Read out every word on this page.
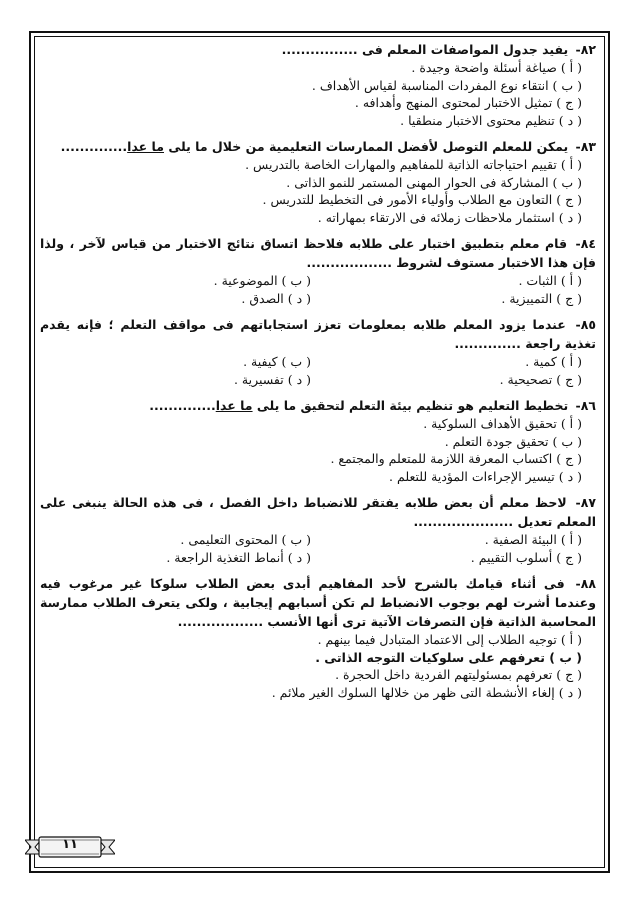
٨٢- يفيد جدول المواصفات المعلم فى ................
( أ ) صياغة أسئلة واضحة وجيدة .
( ب ) انتقاء نوع المفردات المناسبة لقياس الأهداف .
( ج ) تمثيل الاختبار لمحتوى المنهج وأهدافه .
( د ) تنظيم محتوى الاختبار منطقيا .
٨٣- يمكن للمعلم التوصل لأفضل الممارسات التعليمية من خلال ما يلى ما عدا..............
( أ ) تقييم احتياجاته الذاتية للمفاهيم والمهارات الخاصة بالتدريس .
( ب ) المشاركة فى الحوار المهنى المستمر للنمو الذاتى .
( ج ) التعاون مع الطلاب وأولياء الأمور فى التخطيط للتدريس .
( د ) استثمار ملاحظات زملائه فى الارتقاء بمهاراته .
٨٤- قام معلم بتطبيق اختبار على طلابه فلاحظ اتساق نتائج الاختبار من قياس لآخر ، ولذا فإن هذا الاختبار مستوف لشروط ..................
( أ ) الثبات .
( ب ) الموضوعية .
( ج ) التمييزية .
( د ) الصدق .
٨٥- عندما يزود المعلم طلابه بمعلومات تعزز استجاباتهم فى مواقف التعلم ؛ فإنه يقدم تغذية راجعة ..............
( أ ) كمية .
( ب ) كيفية .
( ج ) تصحيحية .
( د ) تفسيرية .
٨٦- تخطيط التعليم هو تنظيم بيئة التعلم لتحقيق ما يلى ما عدا..............
( أ ) تحقيق الأهداف السلوكية .
( ب ) تحقيق جودة التعلم .
( ج ) اكتساب المعرفة اللازمة للمتعلم والمجتمع .
( د ) تيسير الإجراءات المؤدية للتعلم .
٨٧- لاحظ معلم أن بعض طلابه يفتقر للانضباط داخل الفصل ، فى هذه الحالة ينبغى على المعلم تعديل .....................
( أ ) البيئة الصفية .
( ب ) المحتوى التعليمى .
( ج ) أسلوب التقييم .
( د ) أنماط التغذية الراجعة .
٨٨- فى أثناء قيامك بالشرح لأحد المفاهيم أبدى بعض الطلاب سلوكا غير مرغوب فيه وعندما أشرت لهم بوجوب الانضباط لم تكن أسبابهم إيجابية ، ولكى يتعرف الطلاب ممارسة المحاسبة الذاتية فإن التصرفات الآتية ترى أنها الأنسب ..................
( أ ) توجيه الطلاب إلى الاعتماد المتبادل فيما بينهم .
( ب ) تعرفهم على سلوكيات التوجه الذاتى .
( ج ) تعرفهم بمسئوليتهم الفردية داخل الحجرة .
( د ) إلغاء الأنشطة التى ظهر من خلالها السلوك الغير ملائم .
١١
